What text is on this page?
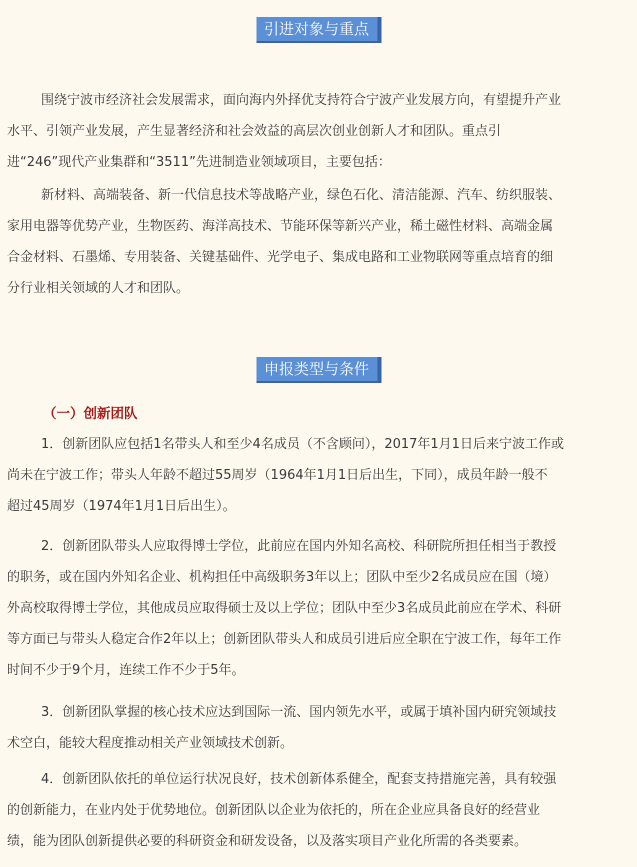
引进对象与重点
围绕宁波市经济社会发展需求，面向海内外择优支持符合宁波产业发展方向，有望提升产业
水平、引领产业发展，产生显著经济和社会效益的高层次创业创新人才和团队。重点引
进“246”现代产业集群和“3511”先进制造业领域项目，主要包括：
新材料、高端装备、新一代信息技术等战略产业，绿色石化、清洁能源、汽车、纺织服装、
家用电器等优势产业，生物医药、海洋高技术、节能环保等新兴产业，稀土磁性材料、高端金属
合金材料、石墨烯、专用装备、关键基础件、光学电子、集成电路和工业物联网等重点培育的细
分行业相关领域的人才和团队。
申报类型与条件
（一）创新团队
1．创新团队应包括1名带头人和至少4名成员（不含顾问），2017年1月1日后来宁波工作或
尚未在宁波工作；带头人年龄不超过55周岁（1964年1月1日后出生，下同），成员年龄一般不
超过45周岁（1974年1月1日后出生）。
2．创新团队带头人应取得博士学位，此前应在国内外知名高校、科研院所担任相当于教授
的职务，或在国内外知名企业、机构担任中高级职务3年以上；团队中至少2名成员应在国（境）
外高校取得博士学位，其他成员应取得硕士及以上学位；团队中至少3名成员此前应在学术、科研
等方面已与带头人稳定合作2年以上；创新团队带头人和成员引进后应全职在宁波工作，每年工作
时间不少于9个月，连续工作不少于5年。
3．创新团队掌握的核心技术应达到国际一流、国内领先水平，或属于填补国内研究领域技
术空白，能较大程度推动相关产业领域技术创新。
4．创新团队依托的单位运行状况良好，技术创新体系健全，配套支持措施完善，具有较强
的创新能力，在业内处于优势地位。创新团队以企业为依托的，所在企业应具备良好的经营业
绩，能为团队创新提供必要的科研资金和研发设备，以及落实项目产业化所需的各类要素。
